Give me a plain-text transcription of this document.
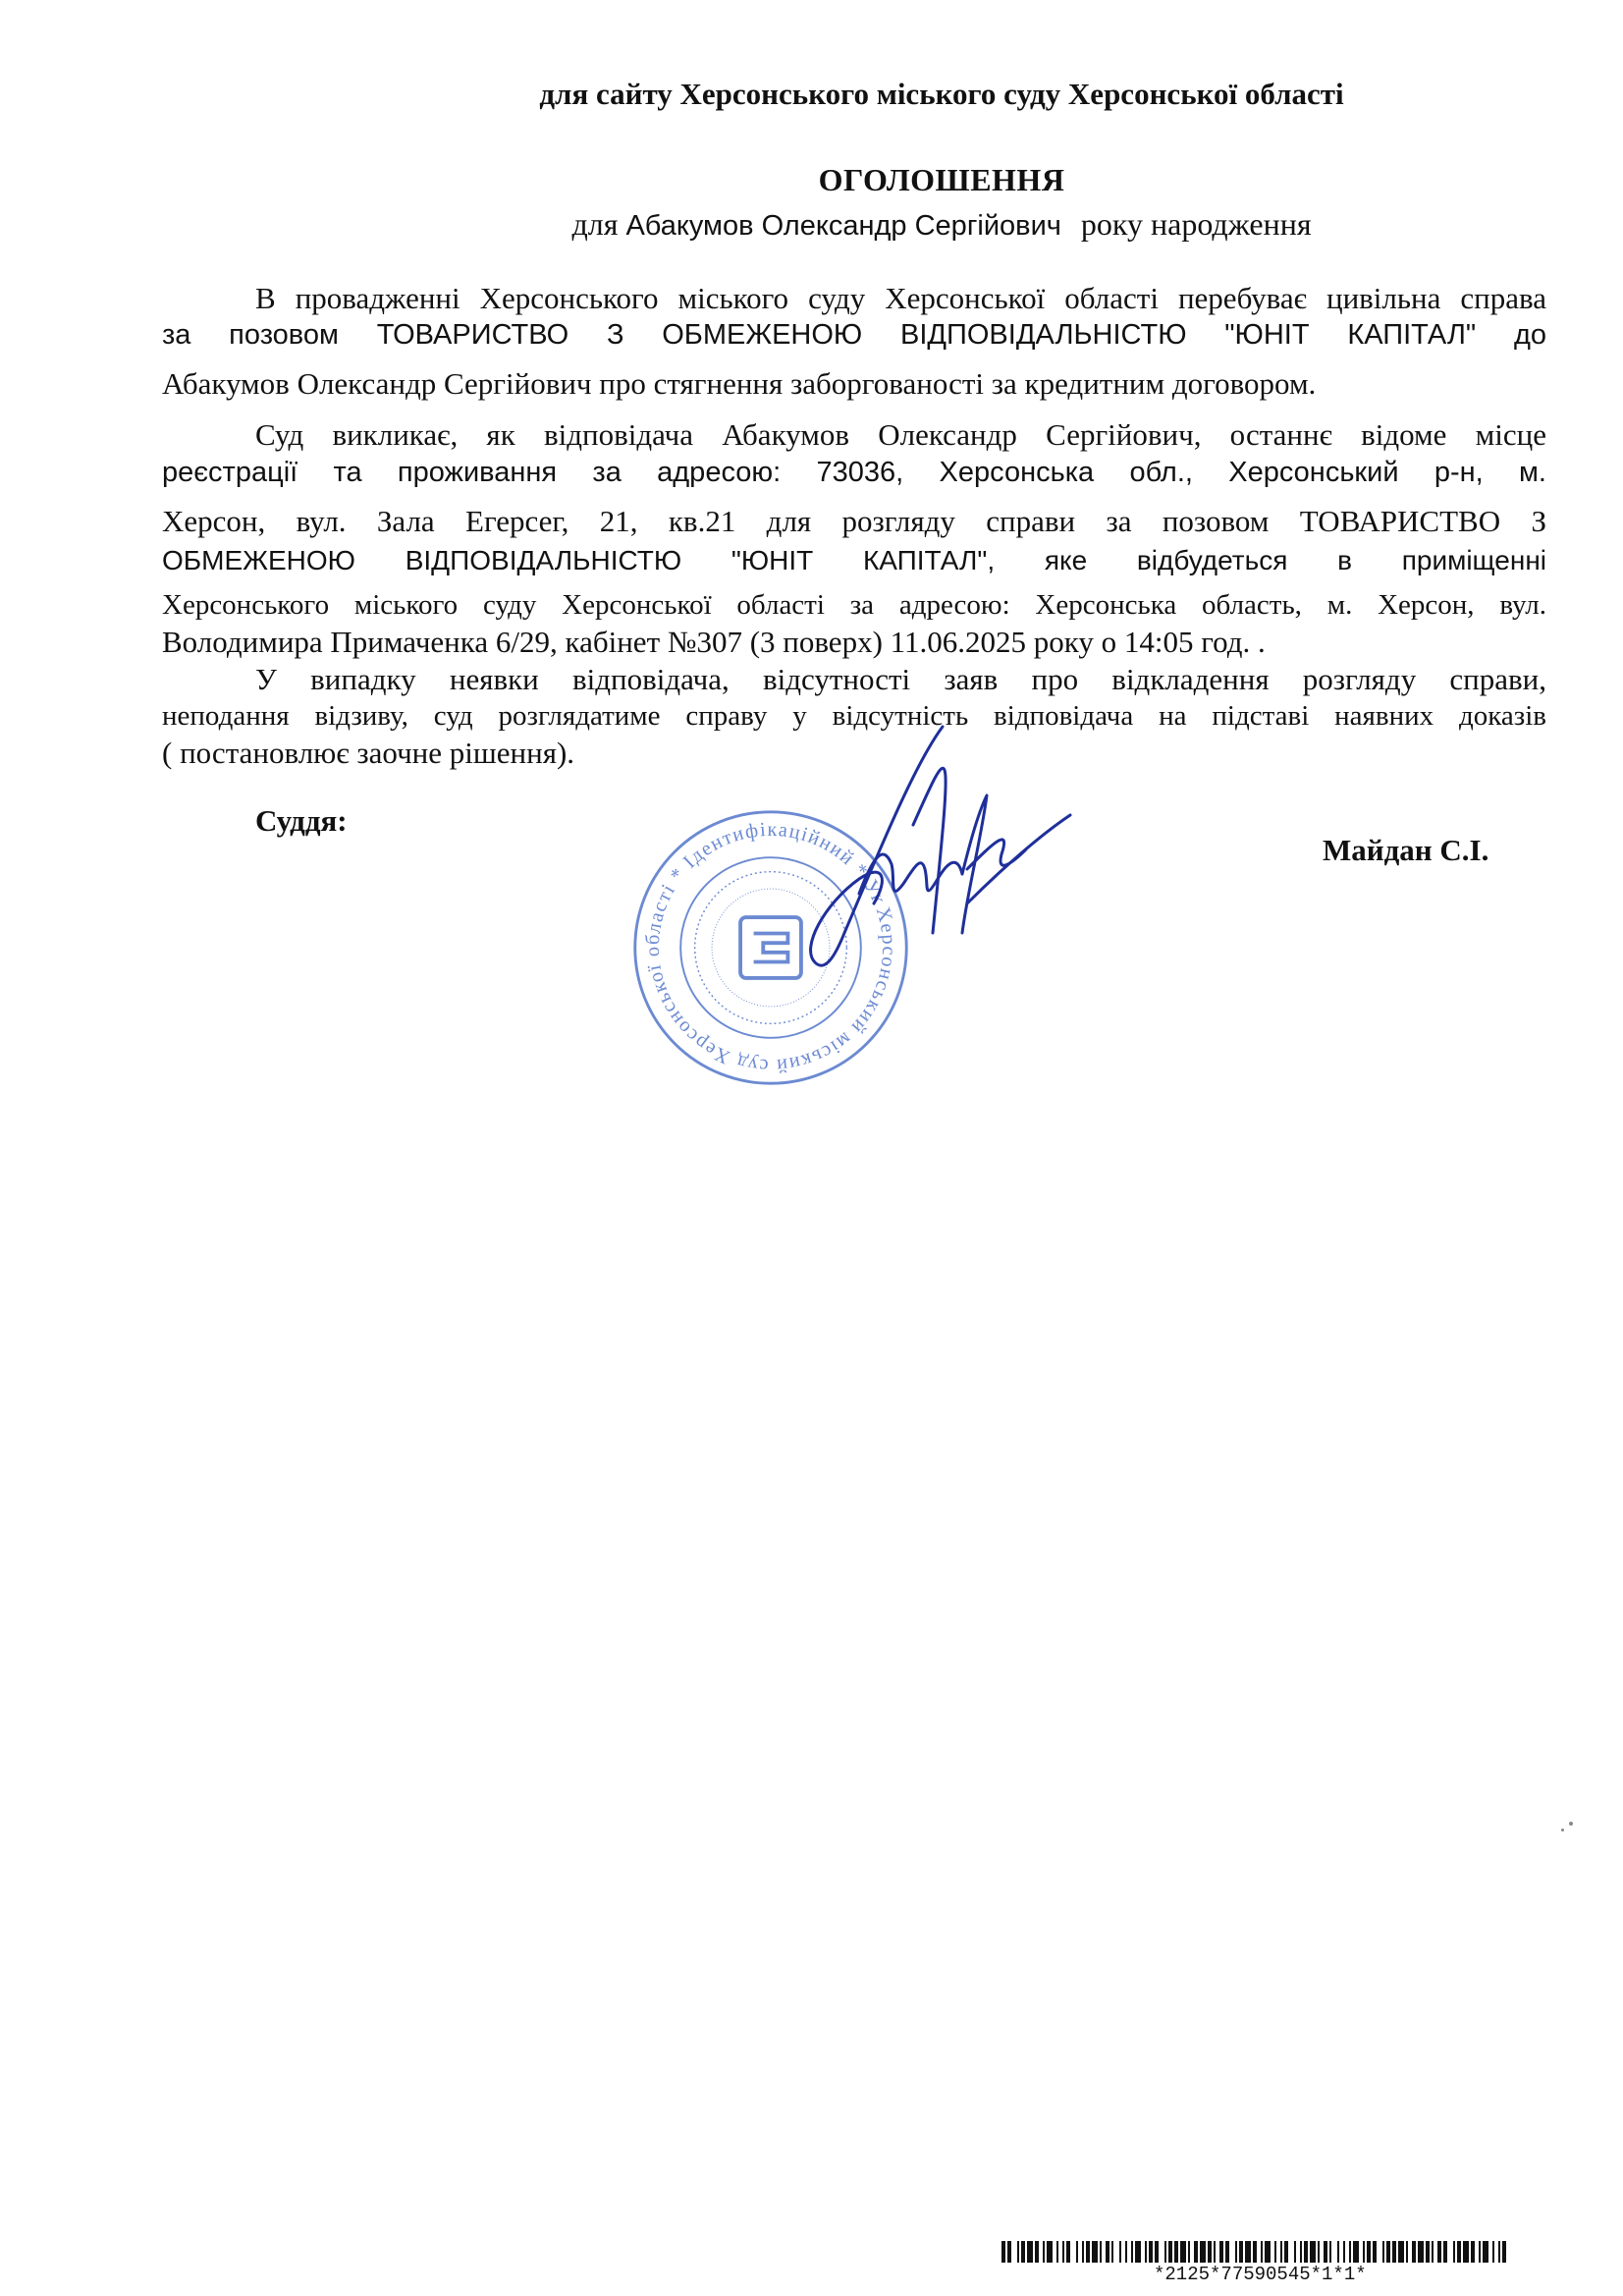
для сайту Херсонського міського суду Херсонської області

ОГОЛОШЕННЯ

для Абакумов Олександр Сергійович року народження

В провадженні Херсонського міського суду Херсонської області перебуває цивільна справа
за позовом ТОВАРИСТВО З ОБМЕЖЕНОЮ ВІДПОВІДАЛЬНІСТЮ "ЮНІТ КАПІТАЛ" до
Абакумов Олександр Сергійович про стягнення заборгованості за кредитним договором.
Суд викликає, як відповідача Абакумов Олександр Сергійович, останнє відоме місце
реєстрації та проживання за адресою: 73036, Херсонська обл., Херсонський р-н, м.
Херсон, вул. Зала Егерсег, 21, кв.21 для розгляду справи за позовом ТОВАРИСТВО З
ОБМЕЖЕНОЮ ВІДПОВІДАЛЬНІСТЮ "ЮНІТ КАПІТАЛ", яке відбудеться в приміщенні
Херсонського міського суду Херсонської області за адресою: Херсонська область, м. Херсон, вул.
Володимира Примаченка 6/29, кабінет №307 (3 поверх) 11.06.2025 року о 14:05 год. .
У випадку неявки відповідача, відсутності заяв про відкладення розгляду справи,
неподання відзиву, суд розглядатиме справу у відсутність відповідача на підставі наявних доказів
( постановлює заочне рішення).

Суддя:

Майдан С.І.

Херсонський міський суд Херсонської області * Ідентифікаційний * Україна
*2125*77590545*1*1*
